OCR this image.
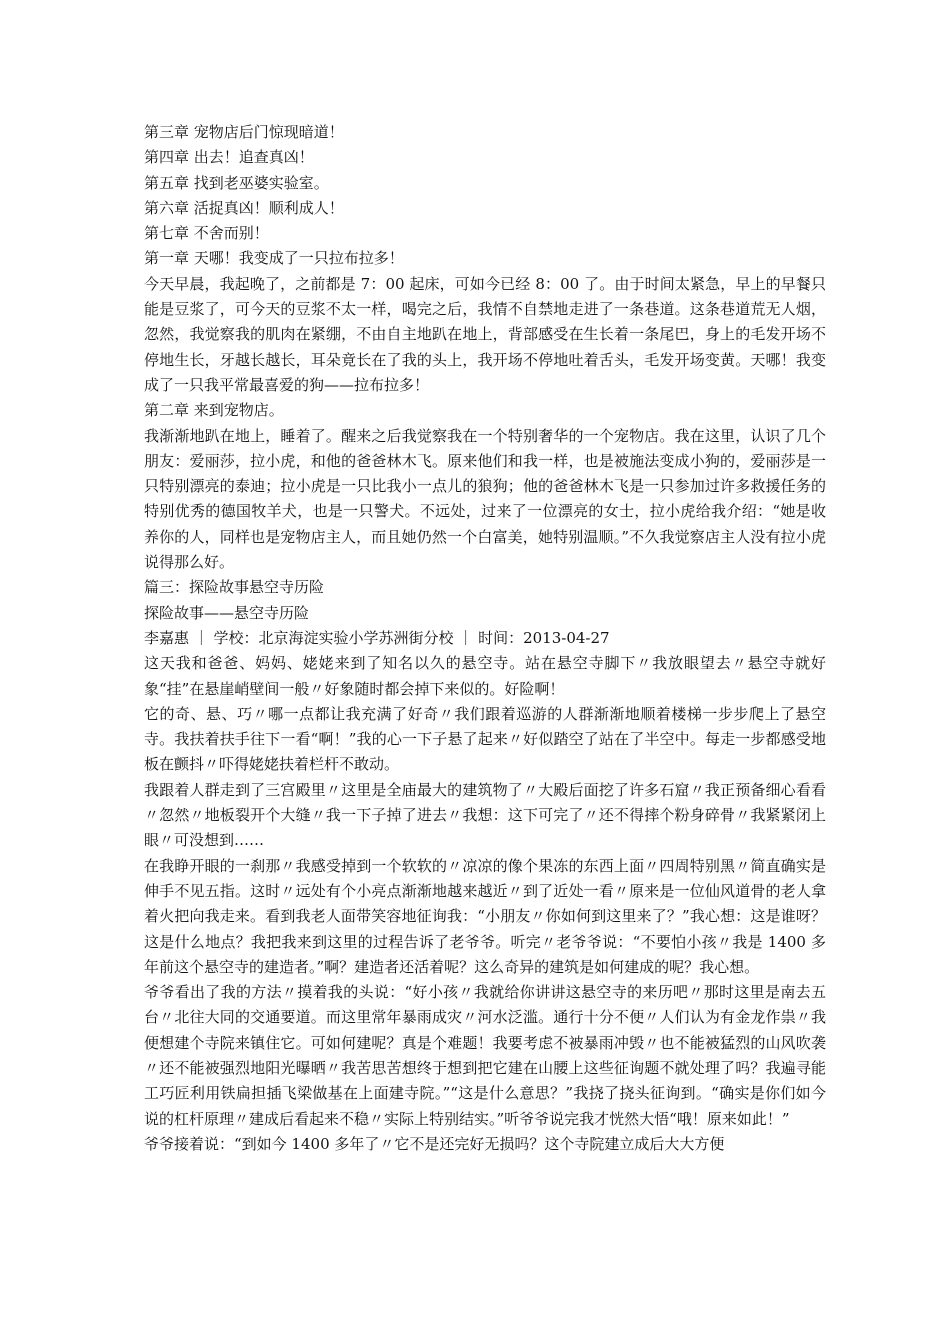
第三章 宠物店后门惊现暗道！

第四章 出去！追查真凶！

第五章 找到老巫婆实验室。

第六章 活捉真凶！顺利成人！

第七章 不舍而别！

第一章 天哪！我变成了一只拉布拉多！

今天早晨，我起晚了，之前都是 7：00 起床，可如今已经 8：00 了。由于时间太紧急，早上的早餐只能是豆浆了，可今天的豆浆不太一样，喝完之后，我情不自禁地走进了一条巷道。这条巷道荒无人烟，忽然，我觉察我的肌肉在紧绷，不由自主地趴在地上，背部感受在生长着一条尾巴，身上的毛发开场不停地生长，牙越长越长，耳朵竟长在了我的头上，我开场不停地吐着舌头，毛发开场变黄。天哪！我变成了一只我平常最喜爱的狗——拉布拉多！

第二章 来到宠物店。

我渐渐地趴在地上，睡着了。醒来之后我觉察我在一个特别奢华的一个宠物店。我在这里，认识了几个朋友：爱丽莎，拉小虎，和他的爸爸林木飞。原来他们和我一样，也是被施法变成小狗的，爱丽莎是一只特别漂亮的泰迪；拉小虎是一只比我小一点儿的狼狗；他的爸爸林木飞是一只参加过许多救援任务的特别优秀的德国牧羊犬，也是一只警犬。不远处，过来了一位漂亮的女士，拉小虎给我介绍：“她是收养你的人，同样也是宠物店主人，而且她仍然一个白富美，她特别温顺。”不久我觉察店主人没有拉小虎说得那么好。

篇三：探险故事悬空寺历险

探险故事——悬空寺历险

李嘉惠 ｜ 学校：北京海淀实验小学苏洲街分校 ｜ 时间：2013-04-27

这天我和爸爸、妈妈、姥姥来到了知名以久的悬空寺。站在悬空寺脚下〃我放眼望去〃悬空寺就好象“挂”在悬崖峭壁间一般〃好象随时都会掉下来似的。好险啊！

它的奇、悬、巧〃哪一点都让我充满了好奇〃我们跟着巡游的人群渐渐地顺着楼梯一步步爬上了悬空寺。我扶着扶手往下一看“啊！”我的心一下子悬了起来〃好似踏空了站在了半空中。每走一步都感受地板在颤抖〃吓得姥姥扶着栏杆不敢动。

我跟着人群走到了三宫殿里〃这里是全庙最大的建筑物了〃大殿后面挖了许多石窟〃我正预备细心看看〃忽然〃地板裂开个大缝〃我一下子掉了进去〃我想：这下可完了〃还不得摔个粉身碎骨〃我紧紧闭上眼〃可没想到……

在我睁开眼的一刹那〃我感受掉到一个软软的〃凉凉的像个果冻的东西上面〃四周特别黑〃简直确实是伸手不见五指。这时〃远处有个小亮点渐渐地越来越近〃到了近处一看〃原来是一位仙风道骨的老人拿着火把向我走来。看到我老人面带笑容地征询我：“小朋友〃你如何到这里来了？”我心想：这是谁呀？这是什么地点？我把我来到这里的过程告诉了老爷爷。听完〃老爷爷说：“不要怕小孩〃我是 1400 多年前这个悬空寺的建造者。”啊？建造者还活着呢？这么奇异的建筑是如何建成的呢？我心想。

爷爷看出了我的方法〃摸着我的头说：“好小孩〃我就给你讲讲这悬空寺的来历吧〃那时这里是南去五台〃北往大同的交通要道。而这里常年暴雨成灾〃河水泛滥。通行十分不便〃人们认为有金龙作祟〃我便想建个寺院来镇住它。可如何建呢？真是个难题！我要考虑不被暴雨冲毁〃也不能被猛烈的山风吹袭〃还不能被强烈地阳光曝晒〃我苦思苦想终于想到把它建在山腰上这些征询题不就处理了吗？我遍寻能工巧匠利用铁扁担插飞梁做基在上面建寺院。”“这是什么意思？”我挠了挠头征询到。“确实是你们如今说的杠杆原理〃建成后看起来不稳〃实际上特别结实。”听爷爷说完我才恍然大悟“哦！原来如此！”

爷爷接着说：“到如今 1400 多年了〃它不是还完好无损吗？这个寺院建立成后大大方便
